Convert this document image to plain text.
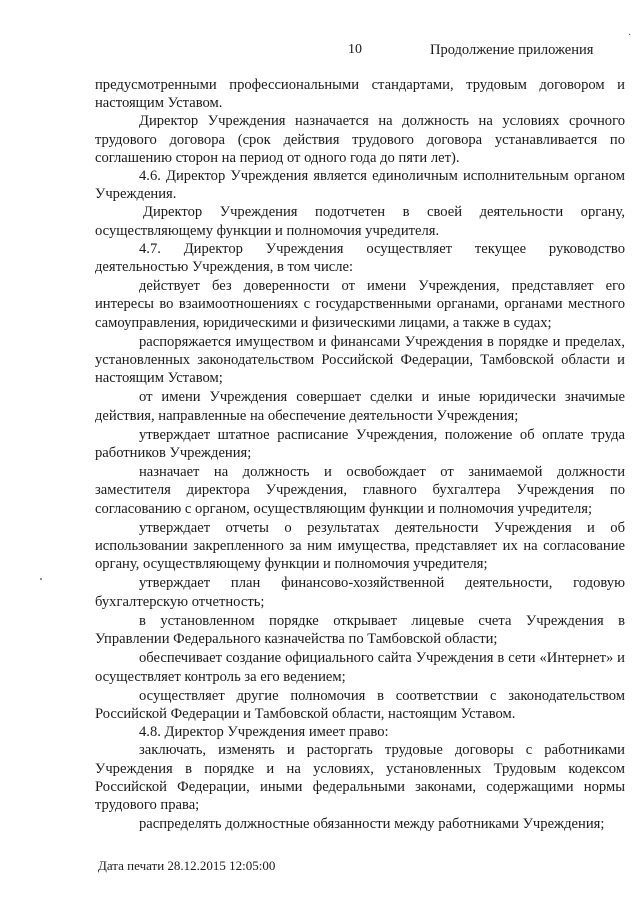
10	Продолжение приложения
·

предусмотренными профессиональными стандартами, трудовым договором и настоящим Уставом.

Директор Учреждения назначается на должность на условиях срочного трудового договора (срок действия трудового договора устанавливается по соглашению сторон на период от одного года до пяти лет).

4.6. Директор Учреждения является единоличным исполнительным органом Учреждения.

Директор Учреждения подотчетен в своей деятельности органу, осуществляющему функции и полномочия учредителя.

4.7. Директор Учреждения осуществляет текущее руководство деятельностью Учреждения, в том числе:

действует без доверенности от имени Учреждения, представляет его интересы во взаимоотношениях с государственными органами, органами местного самоуправления, юридическими и физическими лицами, а также в судах;

распоряжается имуществом и финансами Учреждения в порядке и пределах, установленных законодательством Российской Федерации, Тамбовской области и настоящим Уставом;

от имени Учреждения совершает сделки и иные юридически значимые действия, направленные на обеспечение деятельности Учреждения;

утверждает штатное расписание Учреждения, положение об оплате труда работников Учреждения;

назначает на должность и освобождает от занимаемой должности заместителя директора Учреждения, главного бухгалтера Учреждения по согласованию с органом, осуществляющим функции и полномочия учредителя;

утверждает отчеты о результатах деятельности Учреждения и об использовании закрепленного за ним имущества, представляет их на согласование органу, осуществляющему функции и полномочия учредителя;

утверждает план финансово-хозяйственной деятельности, годовую бухгалтерскую отчетность;

в установленном порядке открывает лицевые счета Учреждения в Управлении Федерального казначейства по Тамбовской области;

обеспечивает создание официального сайта Учреждения в сети «Интернет» и осуществляет контроль за его ведением;

осуществляет другие полномочия в соответствии с законодательством Российской Федерации и Тамбовской области, настоящим Уставом.

4.8. Директор Учреждения имеет право:

заключать, изменять и расторгать трудовые договоры с работниками Учреждения в порядке и на условиях, установленных Трудовым кодексом Российской Федерации, иными федеральными законами, содержащими нормы трудового права;

распределять должностные обязанности между работниками Учреждения;

Дата печати 28.12.2015 12:05:00
